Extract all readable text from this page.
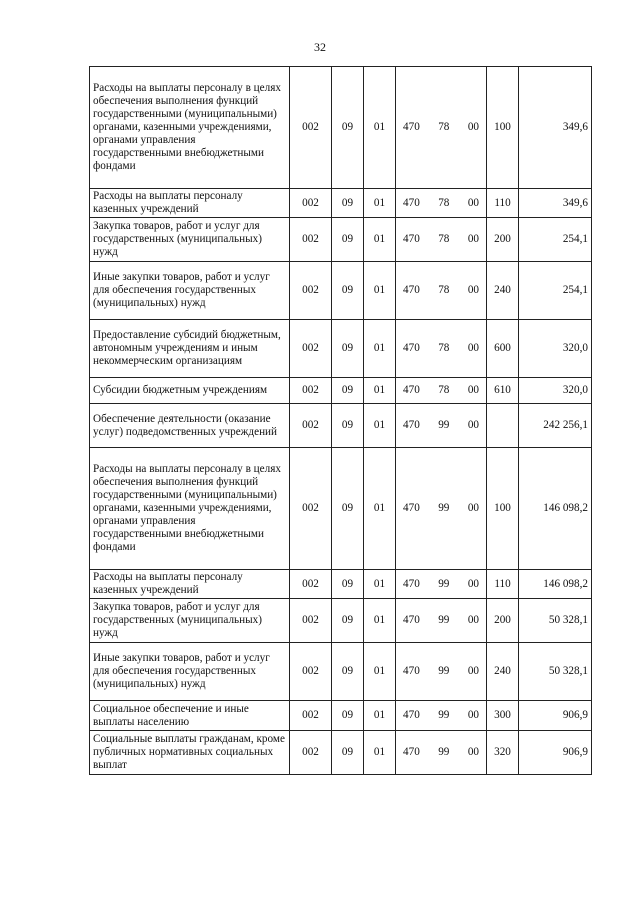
32
Расходы на выплаты персоналу в целях обеспечения выполнения функций государственными (муниципальными) органами, казенными учреждениями, органами управления государственными внебюджетными фондами	002	09	01	470 78 00	100	349,6
Расходы на выплаты персоналу казенных учреждений	002	09	01	470 78 00	110	349,6
Закупка товаров, работ и услуг для государственных (муниципальных) нужд	002	09	01	470 78 00	200	254,1
Иные закупки товаров, работ и услуг для обеспечения государственных (муниципальных) нужд	002	09	01	470 78 00	240	254,1
Предоставление субсидий бюджетным, автономным учреждениям и иным некоммерческим организациям	002	09	01	470 78 00	600	320,0
Субсидии бюджетным учреждениям	002	09	01	470 78 00	610	320,0
Обеспечение деятельности (оказание услуг) подведомственных учреждений	002	09	01	470 99 00		242 256,1
Расходы на выплаты персоналу в целях обеспечения выполнения функций государственными (муниципальными) органами, казенными учреждениями, органами управления государственными внебюджетными фондами	002	09	01	470 99 00	100	146 098,2
Расходы на выплаты персоналу казенных учреждений	002	09	01	470 99 00	110	146 098,2
Закупка товаров, работ и услуг для государственных (муниципальных) нужд	002	09	01	470 99 00	200	50 328,1
Иные закупки товаров, работ и услуг для обеспечения государственных (муниципальных) нужд	002	09	01	470 99 00	240	50 328,1
Социальное обеспечение и иные выплаты населению	002	09	01	470 99 00	300	906,9
Социальные выплаты гражданам, кроме публичных нормативных социальных выплат	002	09	01	470 99 00	320	906,9
